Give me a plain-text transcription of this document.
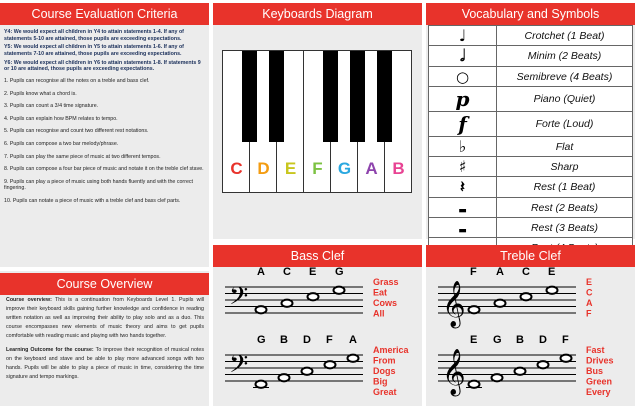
Course Evaluation Criteria

Y4: We would expect all children in Y4 to attain statements 1-4. If any of statements 5-10 are attained, those pupils are exceeding expectations.

Y5: We would expect all children in Y5 to attain statements 1-6. If any of statements 7-10 are attained, those pupils are exceeding expectations.

Y6: We would expect all children in Y6 to attain statements 1-8. If statements 9 or 10 are attained, those pupils are exceeding expectations.

1. Pupils can recognise all the notes on a treble and bass clef.

2. Pupils know what a chord is.

3. Pupils can count a 3/4 time signature.

4. Pupils can explain how BPM relates to tempo.

5. Pupils can recognise and count two different rest notations.

6. Pupils can compose a two bar melody/phrase.

7. Pupils can play the same piece of music at two different tempos.

8. Pupils can compose a four bar piece of music and notate it on the treble clef stave.

9. Pupils can play a piece of music using both hands fluently and with the correct fingering.

10. Pupils can notate a piece of music with a treble clef and bass clef parts.

Course Overview

Course overview: This is a continuation from Keyboards Level 1. Pupils will improve their keyboard skills gaining further knowledge and confidence in reading written notation as well as improving their ability to play solo and as a duo. This course encompasses new elements of music theory and aims to get pupils comfortable with reading music and playing with two hands together.

Learning Outcome for the course: To improve their recognition of musical notes on the keyboard and stave and be able to play more advanced songs with two hands. Pupils will be able to play a piece of music in time, considering the time signature and tempo markings.

Keyboards Diagram
C D E F G A B
Vocabulary and Symbols
♩	Crotchet (1 Beat)
𝅗𝅥	Minim (2 Beats)
○	Semibreve (4 Beats)
p	Piano (Quiet)
f	Forte (Loud)
♭	Flat
♯	Sharp
𝄽	Rest (1 Beat)
▬	Rest (2 Beats)
▬	Rest (3 Beats)

Bass Clef
𝄢
A C E G
Grass
Eat
Cows
All
𝄢
G B D F A
America
From
Dogs
Big
Great
Treble Clef
𝄞
F A C E
E
C
A
F
𝄞
E G B D F
Fast
Drives
Bus
Green
Every
